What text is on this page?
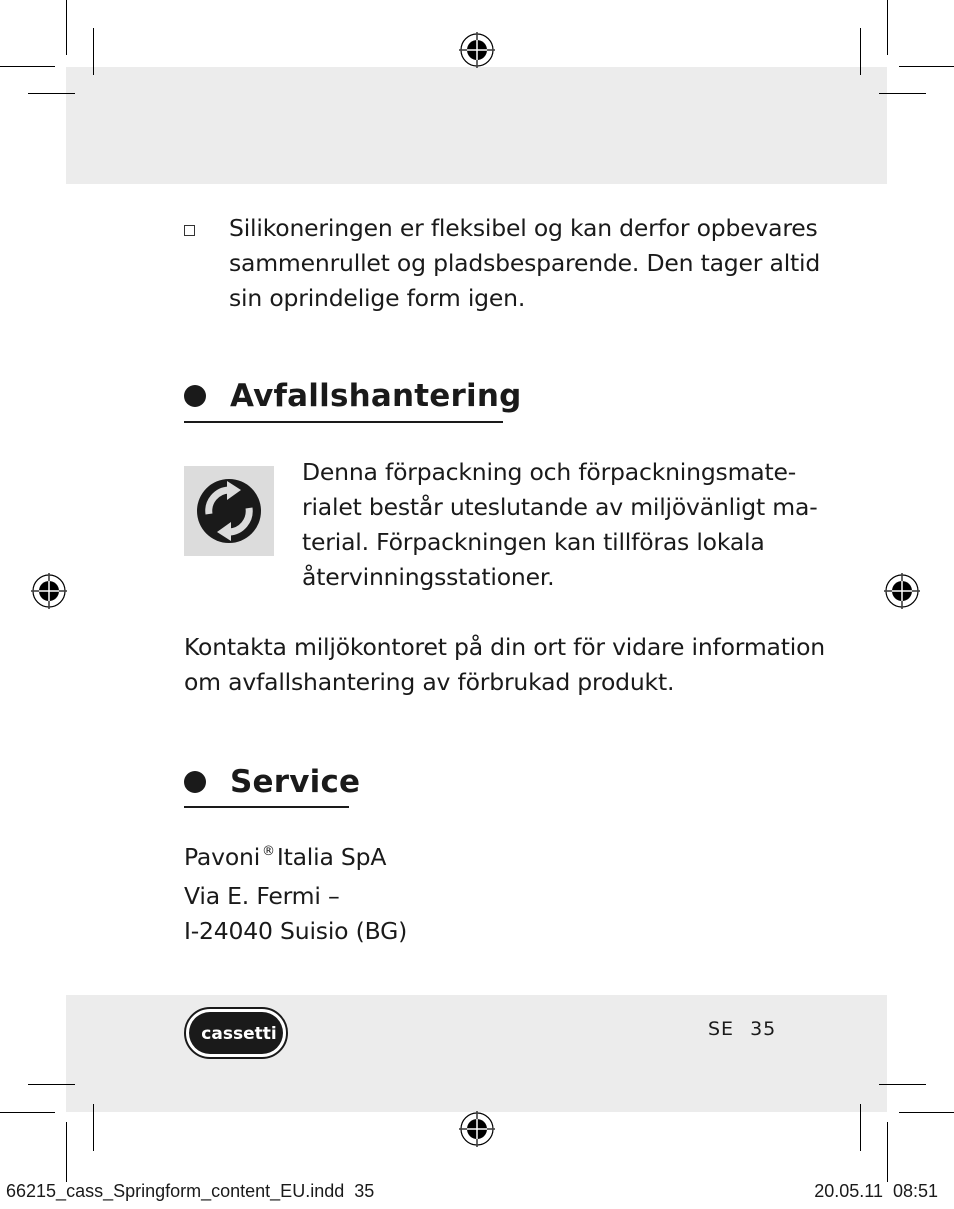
Silikoneringen er fleksibel og kan derfor opbevares
sammenrullet og pladsbesparende. Den tager altid
sin oprindelige form igen.
Avfallshantering
Denna förpackning och förpackningsmate-
rialet består uteslutande av miljövänligt ma-
terial. Förpackningen kan tillföras lokala
återvinningsstationer.
Kontakta miljökontoret på din ort för vidare information
om avfallshantering av förbrukad produkt.
Service
Pavoni ®Italia SpA
Via E. Fermi –
I-24040 Suisio (BG)
cassetti	SE 35
66215_cass_Springform_content_EU.indd 35	20.05.11 08:51
